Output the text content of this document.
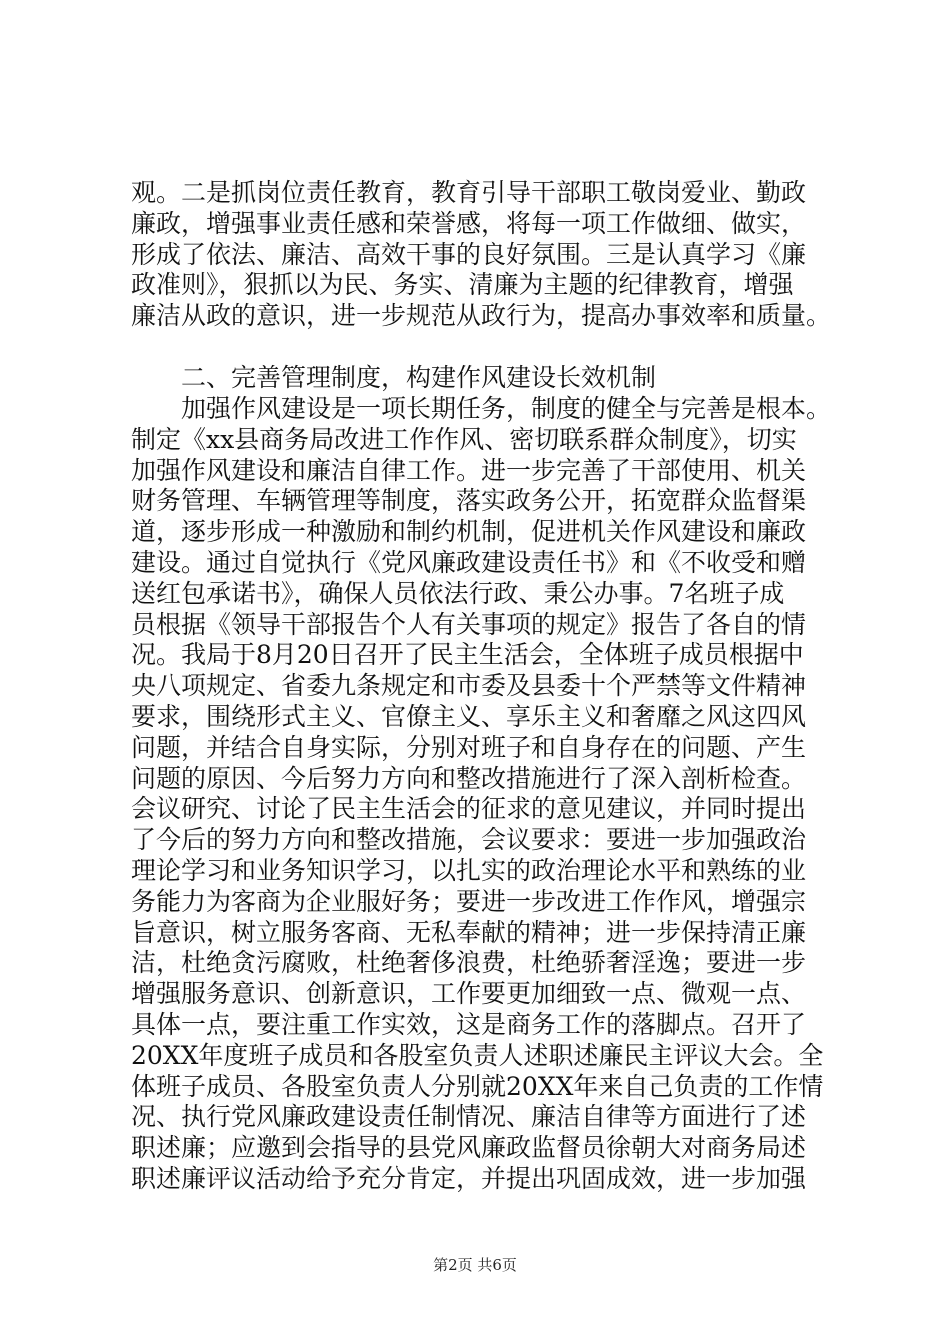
观。二是抓岗位责任教育，教育引导干部职工敬岗爱业、勤政
廉政，增强事业责任感和荣誉感，将每一项工作做细、做实，
形成了依法、廉洁、高效干事的良好氛围。三是认真学习《廉
政准则》，狠抓以为民、务实、清廉为主题的纪律教育，增强
廉洁从政的意识，进一步规范从政行为，提高办事效率和质量。
二、完善管理制度，构建作风建设长效机制
加强作风建设是一项长期任务，制度的健全与完善是根本。
制定《xx县商务局改进工作作风、密切联系群众制度》，切实
加强作风建设和廉洁自律工作。进一步完善了干部使用、机关
财务管理、车辆管理等制度，落实政务公开，拓宽群众监督渠
道，逐步形成一种激励和制约机制，促进机关作风建设和廉政
建设。通过自觉执行《党风廉政建设责任书》和《不收受和赠
送红包承诺书》，确保人员依法行政、秉公办事。7名班子成
员根据《领导干部报告个人有关事项的规定》报告了各自的情
况。我局于8月20日召开了民主生活会，全体班子成员根据中
央八项规定、省委九条规定和市委及县委十个严禁等文件精神
要求，围绕形式主义、官僚主义、享乐主义和奢靡之风这四风
问题，并结合自身实际，分别对班子和自身存在的问题、产生
问题的原因、今后努力方向和整改措施进行了深入剖析检查。
会议研究、讨论了民主生活会的征求的意见建议，并同时提出
了今后的努力方向和整改措施，会议要求：要进一步加强政治
理论学习和业务知识学习，以扎实的政治理论水平和熟练的业
务能力为客商为企业服好务；要进一步改进工作作风，增强宗
旨意识，树立服务客商、无私奉献的精神；进一步保持清正廉
洁，杜绝贪污腐败，杜绝奢侈浪费，杜绝骄奢淫逸；要进一步
增强服务意识、创新意识，工作要更加细致一点、微观一点、
具体一点，要注重工作实效，这是商务工作的落脚点。召开了
20XX年度班子成员和各股室负责人述职述廉民主评议大会。全
体班子成员、各股室负责人分别就20XX年来自己负责的工作情
况、执行党风廉政建设责任制情况、廉洁自律等方面进行了述
职述廉；应邀到会指导的县党风廉政监督员徐朝大对商务局述
职述廉评议活动给予充分肯定，并提出巩固成效，进一步加强
第2页 共6页
